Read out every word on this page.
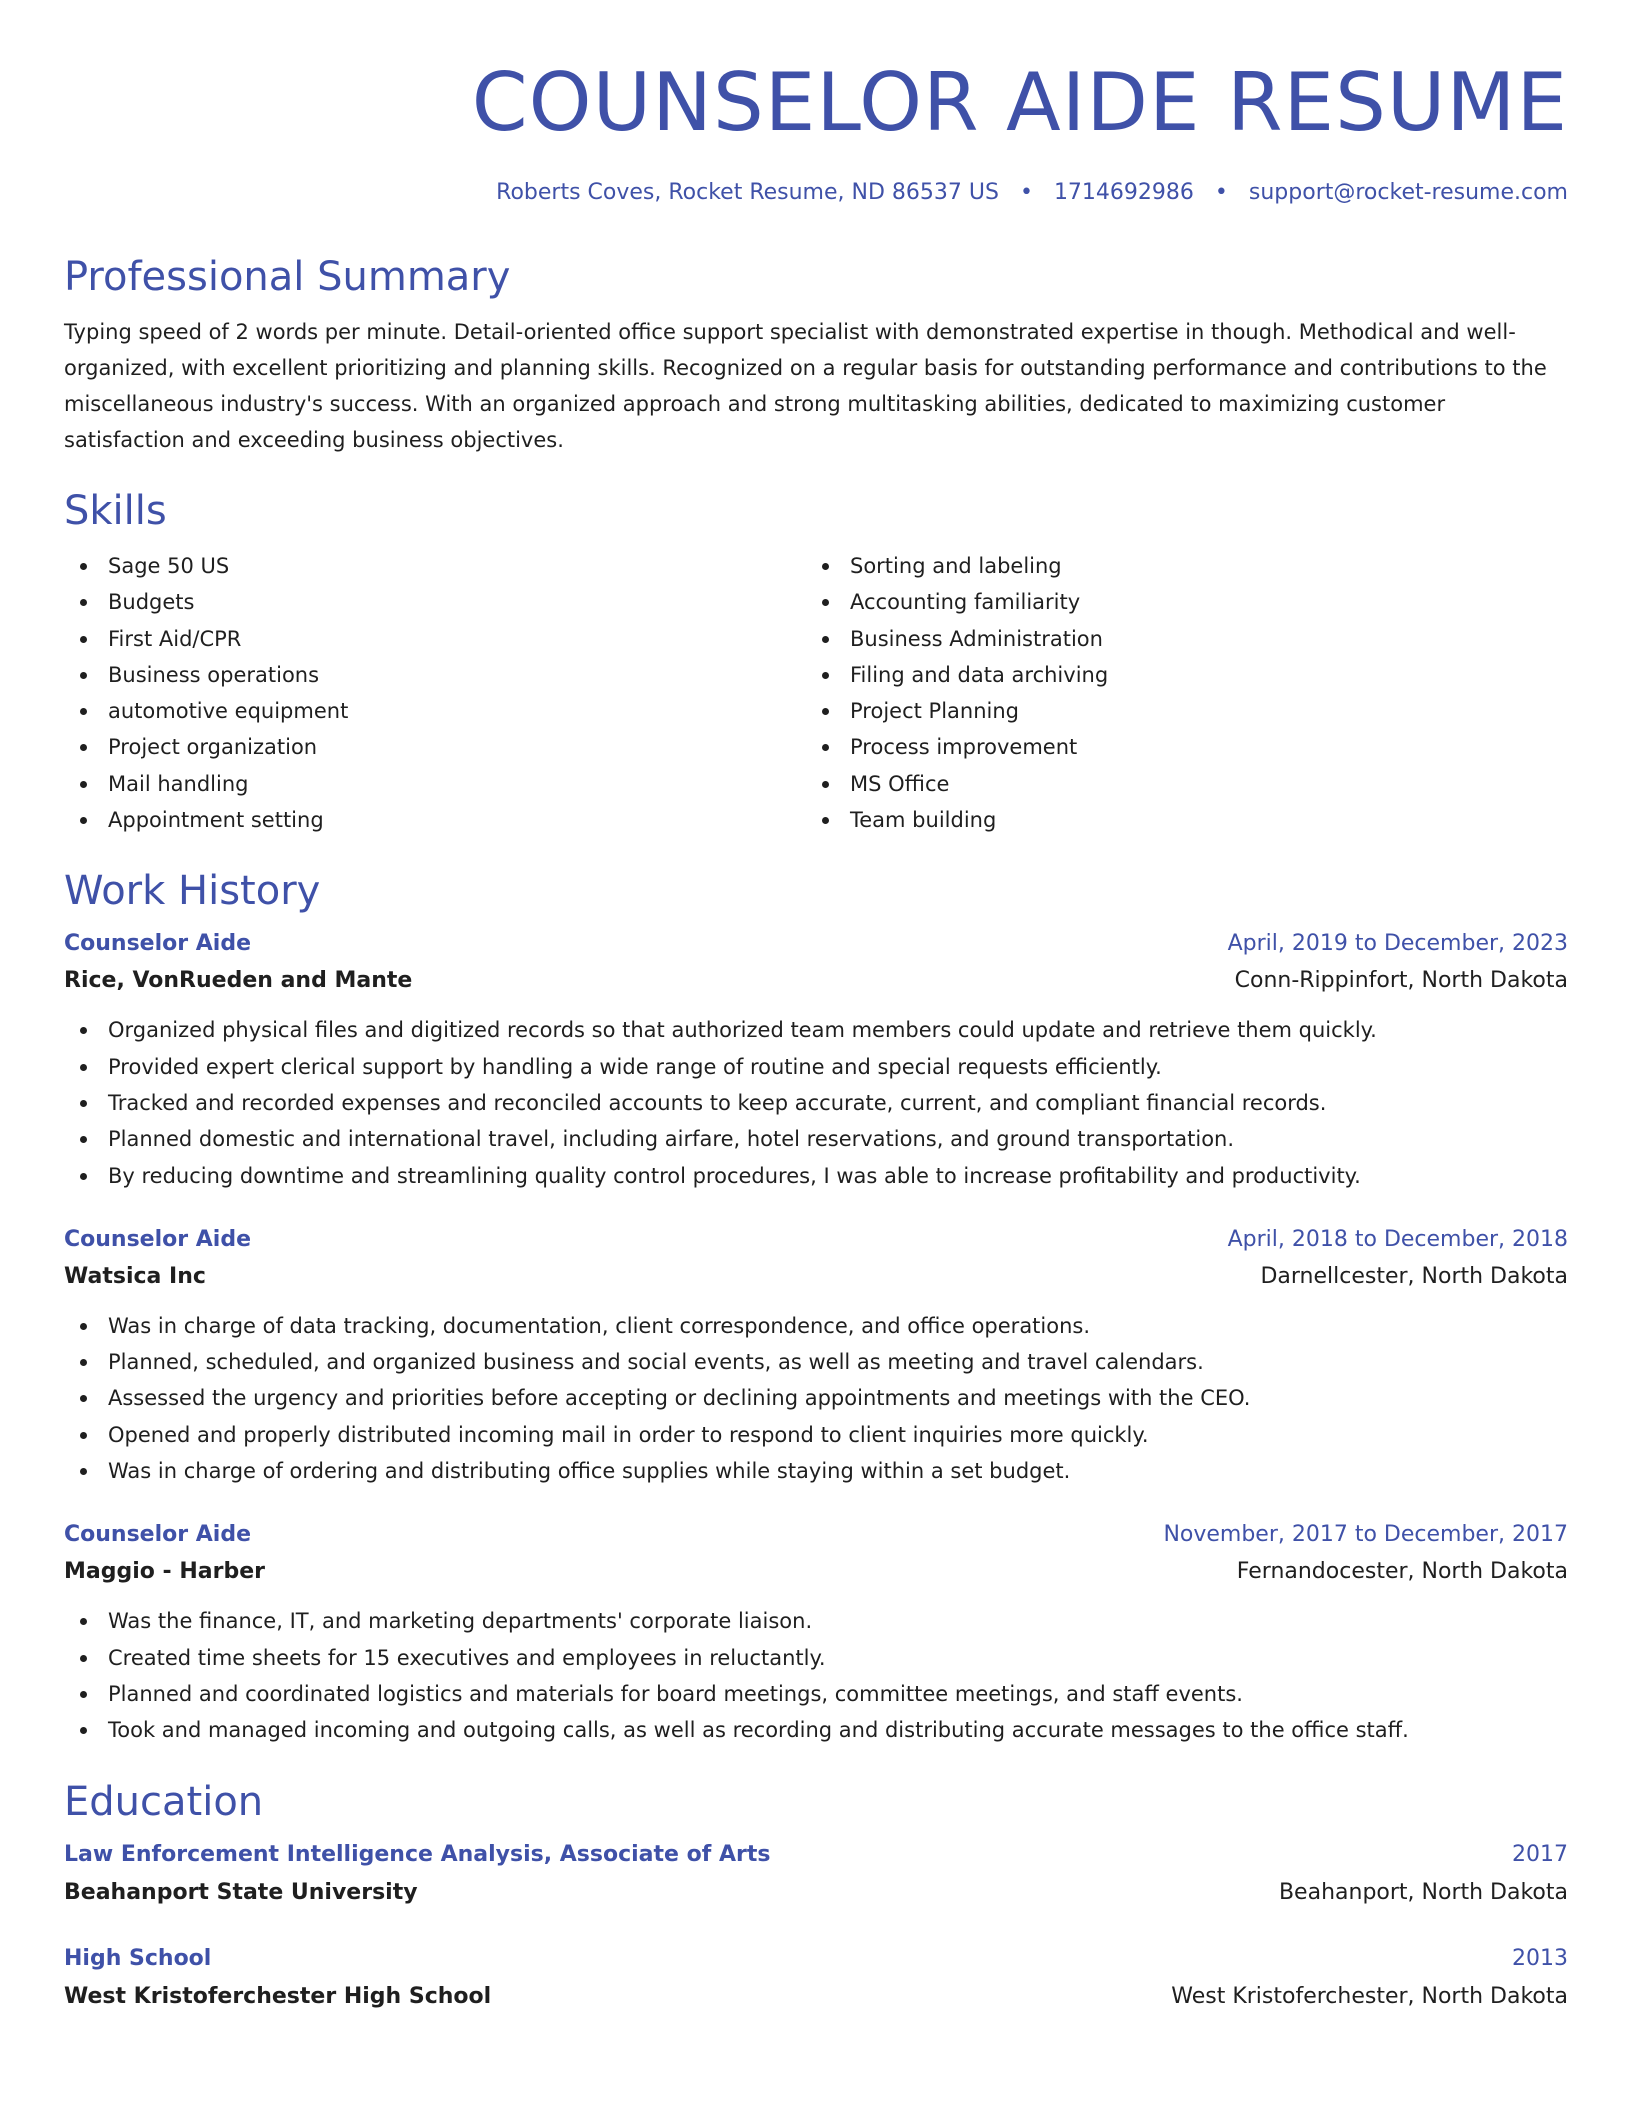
COUNSELOR AIDE RESUME
Roberts Coves, Rocket Resume, ND 86537 US • 1714692986 • support@rocket-resume.com
Professional Summary

Typing speed of 2 words per minute. Detail-oriented office support specialist with demonstrated expertise in though. Methodical and well-organized, with excellent prioritizing and planning skills. Recognized on a regular basis for outstanding performance and contributions to the miscellaneous industry's success. With an organized approach and strong multitasking abilities, dedicated to maximizing customer satisfaction and exceeding business objectives.

Skills
Sage 50 US
Budgets
First Aid/CPR
Business operations
automotive equipment
Project organization
Mail handling
Appointment setting
Sorting and labeling
Accounting familiarity
Business Administration
Filing and data archiving
Project Planning
Process improvement
MS Office
Team building
Work History
Counselor Aide	April, 2019 to December, 2023
Rice, VonRueden and Mante	Conn-Rippinfort, North Dakota
Organized physical files and digitized records so that authorized team members could update and retrieve them quickly.
Provided expert clerical support by handling a wide range of routine and special requests efficiently.
Tracked and recorded expenses and reconciled accounts to keep accurate, current, and compliant financial records.
Planned domestic and international travel, including airfare, hotel reservations, and ground transportation.
By reducing downtime and streamlining quality control procedures, I was able to increase profitability and productivity.
Counselor Aide	April, 2018 to December, 2018
Watsica Inc	Darnellcester, North Dakota
Was in charge of data tracking, documentation, client correspondence, and office operations.
Planned, scheduled, and organized business and social events, as well as meeting and travel calendars.
Assessed the urgency and priorities before accepting or declining appointments and meetings with the CEO.
Opened and properly distributed incoming mail in order to respond to client inquiries more quickly.
Was in charge of ordering and distributing office supplies while staying within a set budget.
Counselor Aide	November, 2017 to December, 2017
Maggio - Harber	Fernandocester, North Dakota
Was the finance, IT, and marketing departments' corporate liaison.
Created time sheets for 15 executives and employees in reluctantly.
Planned and coordinated logistics and materials for board meetings, committee meetings, and staff events.
Took and managed incoming and outgoing calls, as well as recording and distributing accurate messages to the office staff.
Education
Law Enforcement Intelligence Analysis, Associate of Arts	2017
Beahanport State University	Beahanport, North Dakota
High School	2013
West Kristoferchester High School	West Kristoferchester, North Dakota
